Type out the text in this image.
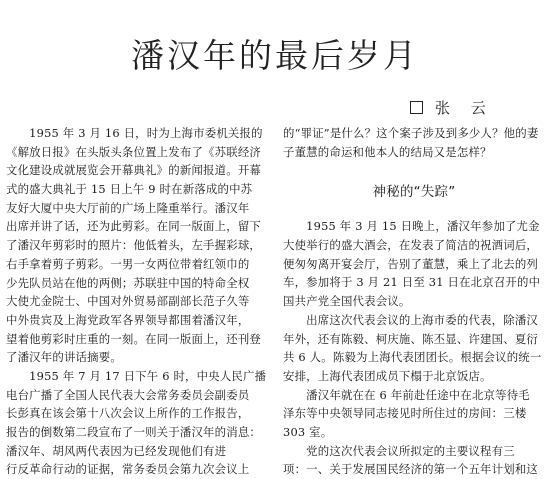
潘汉年的最后岁月
张 云
　　1955 年 3 月 16 日，时为上海市委机关报的
《解放日报》在头版头条位置上发布了《苏联经济
文化建设成就展览会开幕典礼》的新闻报道。开幕
式的盛大典礼于 15 日上午 9 时在新落成的中苏
友好大厦中央大厅前的广场上隆重举行。潘汉年
出席并讲了话，还为此剪彩。在同一版面上，留下
了潘汉年剪彩时的照片：他低着头，左手握彩球，
右手拿着剪子剪彩。一男一女两位带着红领巾的
少先队员站在他的两侧；苏联驻中国的特命全权
大使尤金院士、中国对外贸易部副部长范子久等
中外贵宾及上海党政军各界领导都围着潘汉年，
望着他剪彩时庄重的一刻。在同一版面上，还刊登
了潘汉年的讲话摘要。
　　1955 年 7 月 17 日下午 6 时，中央人民广播
电台广播了全国人民代表大会常务委员会副委员
长彭真在该会第十八次会议上所作的工作报告，
报告的倒数第二段宣布了一则关于潘汉年的消息：
潘汉年、胡风两代表因为已经发现他们有进
行反革命行动的证据，常务委员会第九次会议上
的“罪证”是什么？这个案子涉及到多少人？他的妻
子董慧的命运和他本人的结局又是怎样？
神秘的“失踪”
　　1955 年 3 月 15 日晚上，潘汉年参加了尤金
大使举行的盛大酒会，在发表了简洁的祝酒词后，
便匆匆离开宴会厅，告别了董慧，乘上了北去的列
车，参加将于 3 月 21 日至 31 日在北京召开的中
国共产党全国代表会议。
　　出席这次代表会议的上海市委的代表，除潘汉
年外，还有陈毅、柯庆施、陈丕显、许建国、夏衍
共 6 人。陈毅为上海代表团团长。根据会议的统一
安排，上海代表团成员下榻于北京饭店。
　　潘汉年就在在 6 年前赴任途中在北京等待毛
泽东等中央领导同志接见时所住过的房间：三楼
303 室。
　　党的这次代表会议所拟定的主要议程有三
项：一、关于发展国民经济的第一个五年计划和这
